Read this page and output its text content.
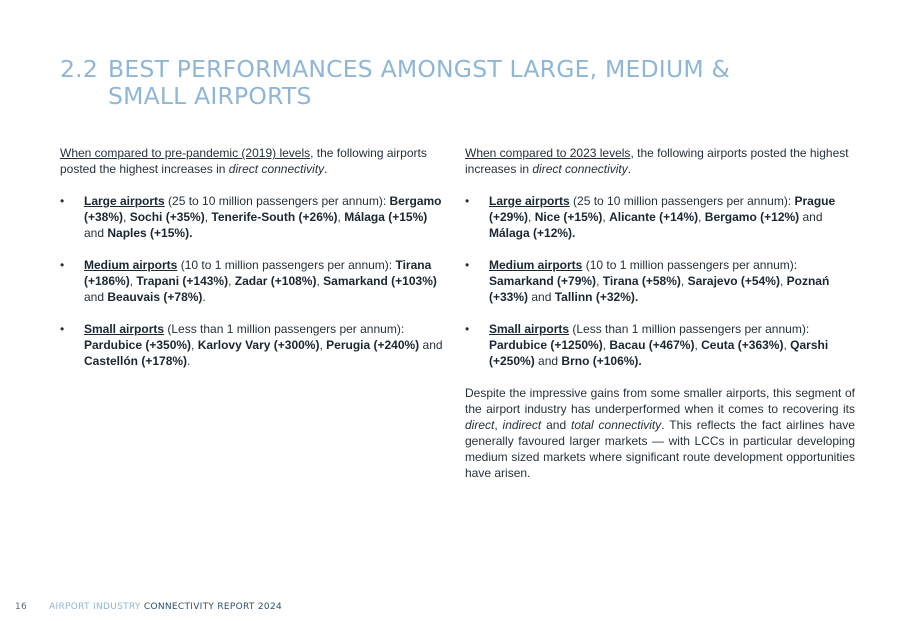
2.2 BEST PERFORMANCES AMONGST LARGE, MEDIUM &
SMALL AIRPORTS

When compared to pre-pandemic (2019) levels, the following airports posted the highest increases in direct connectivity.

• Large airports (25 to 10 million passengers per annum): Bergamo (+38%), Sochi (+35%), Tenerife-South (+26%), Málaga (+15%) and Naples (+15%).
• Medium airports (10 to 1 million passengers per annum): Tirana (+186%), Trapani (+143%), Zadar (+108%), Samarkand (+103%) and Beauvais (+78%).
• Small airports (Less than 1 million passengers per annum): Pardubice (+350%), Karlovy Vary (+300%), Perugia (+240%) and Castellón (+178%).

When compared to 2023 levels, the following airports posted the highest increases in direct connectivity.

• Large airports (25 to 10 million passengers per annum): Prague (+29%), Nice (+15%), Alicante (+14%), Bergamo (+12%) and Málaga (+12%).
• Medium airports (10 to 1 million passengers per annum): Samarkand (+79%), Tirana (+58%), Sarajevo (+54%), Poznań (+33%) and Tallinn (+32%).
• Small airports (Less than 1 million passengers per annum): Pardubice (+1250%), Bacau (+467%), Ceuta (+363%), Qarshi (+250%) and Brno (+106%).

Despite the impressive gains from some smaller airports, this segment of the airport industry has underperformed when it comes to recovering its direct, indirect and total connectivity. This reflects the fact airlines have generally favoured larger markets — with LCCs in particular developing medium sized markets where significant route development opportunities have arisen.

16 AIRPORT INDUSTRY CONNECTIVITY REPORT 2024
